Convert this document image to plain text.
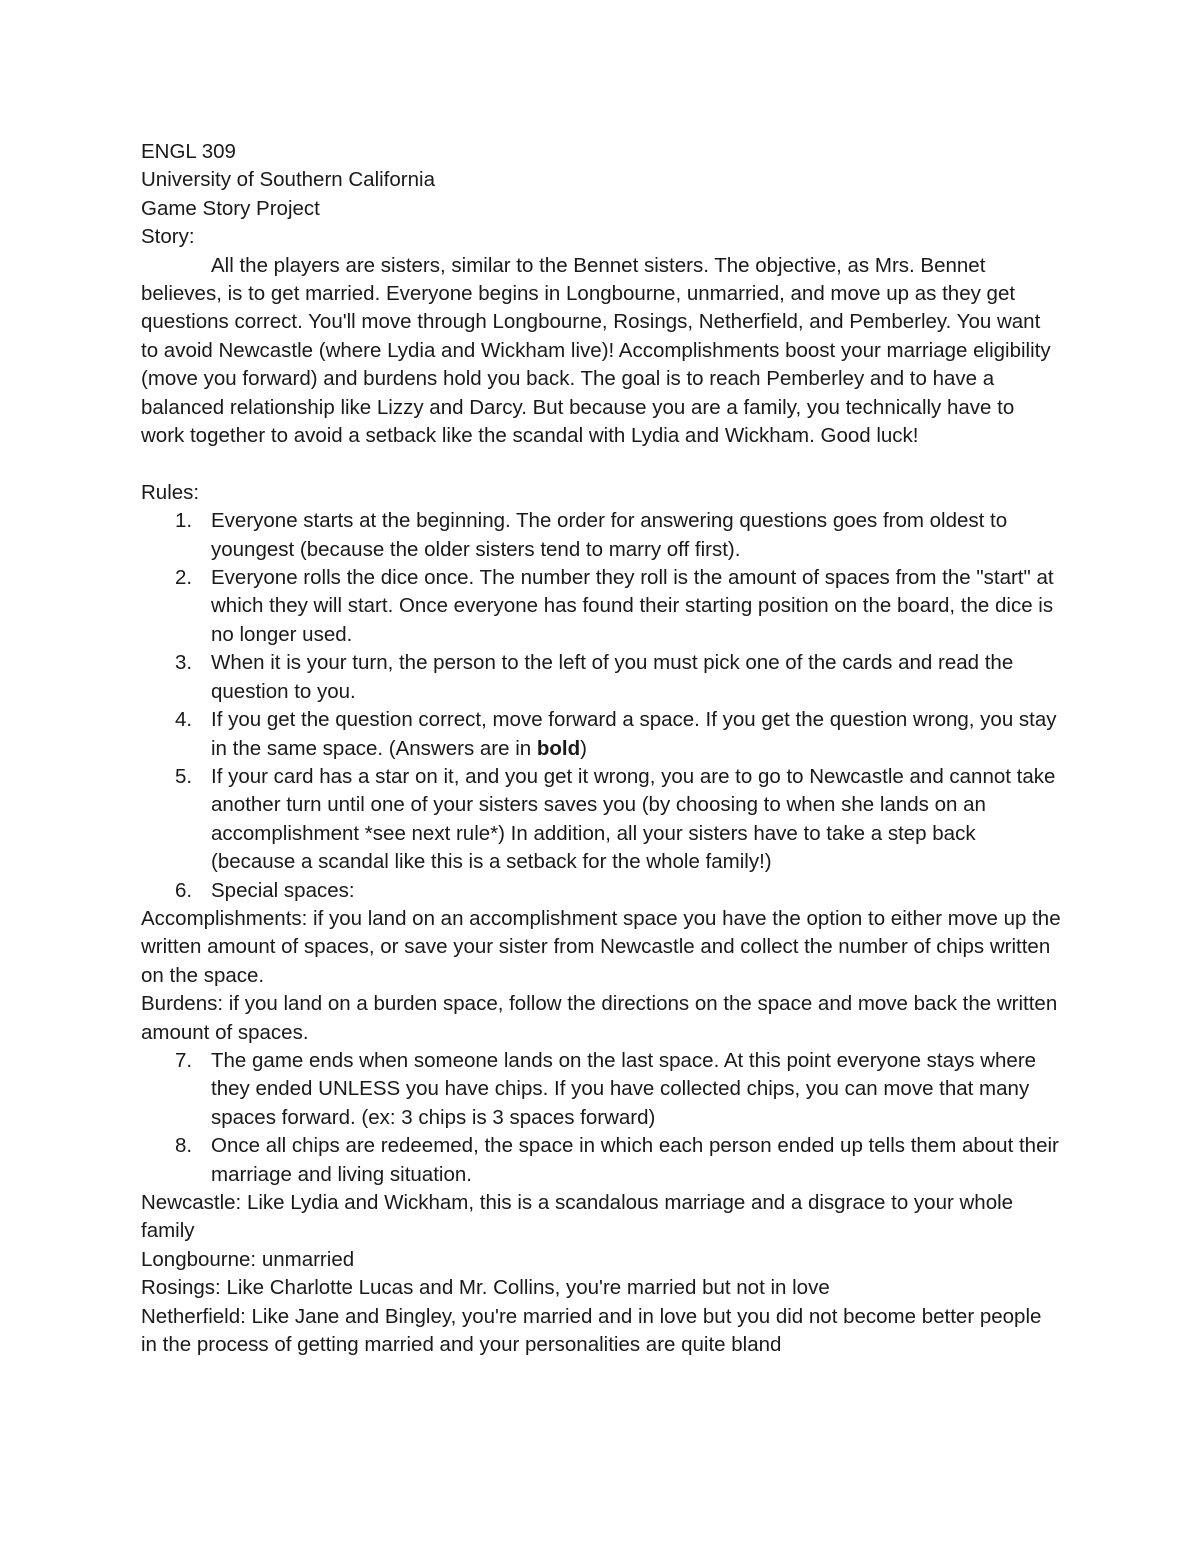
ENGL 309
University of Southern California
Game Story Project
Story:
All the players are sisters, similar to the Bennet sisters. The objective, as Mrs. Bennet believes, is to get married. Everyone begins in Longbourne, unmarried, and move up as they get questions correct. You'll move through Longbourne, Rosings, Netherfield, and Pemberley. You want to avoid Newcastle (where Lydia and Wickham live)! Accomplishments boost your marriage eligibility (move you forward) and burdens hold you back. The goal is to reach Pemberley and to have a balanced relationship like Lizzy and Darcy. But because you are a family, you technically have to work together to avoid a setback like the scandal with Lydia and Wickham. Good luck!
Rules:
1. Everyone starts at the beginning. The order for answering questions goes from oldest to youngest (because the older sisters tend to marry off first).
2. Everyone rolls the dice once. The number they roll is the amount of spaces from the "start" at which they will start. Once everyone has found their starting position on the board, the dice is no longer used.
3. When it is your turn, the person to the left of you must pick one of the cards and read the question to you.
4. If you get the question correct, move forward a space. If you get the question wrong, you stay in the same space. (Answers are in bold)
5. If your card has a star on it, and you get it wrong, you are to go to Newcastle and cannot take another turn until one of your sisters saves you (by choosing to when she lands on an accomplishment *see next rule*) In addition, all your sisters have to take a step back (because a scandal like this is a setback for the whole family!)
6. Special spaces:
Accomplishments: if you land on an accomplishment space you have the option to either move up the written amount of spaces, or save your sister from Newcastle and collect the number of chips written on the space.
Burdens: if you land on a burden space, follow the directions on the space and move back the written amount of spaces.
7. The game ends when someone lands on the last space. At this point everyone stays where they ended UNLESS you have chips. If you have collected chips, you can move that many spaces forward. (ex: 3 chips is 3 spaces forward)
8. Once all chips are redeemed, the space in which each person ended up tells them about their marriage and living situation.
Newcastle: Like Lydia and Wickham, this is a scandalous marriage and a disgrace to your whole family
Longbourne: unmarried
Rosings: Like Charlotte Lucas and Mr. Collins, you're married but not in love
Netherfield: Like Jane and Bingley, you're married and in love but you did not become better people in the process of getting married and your personalities are quite bland
